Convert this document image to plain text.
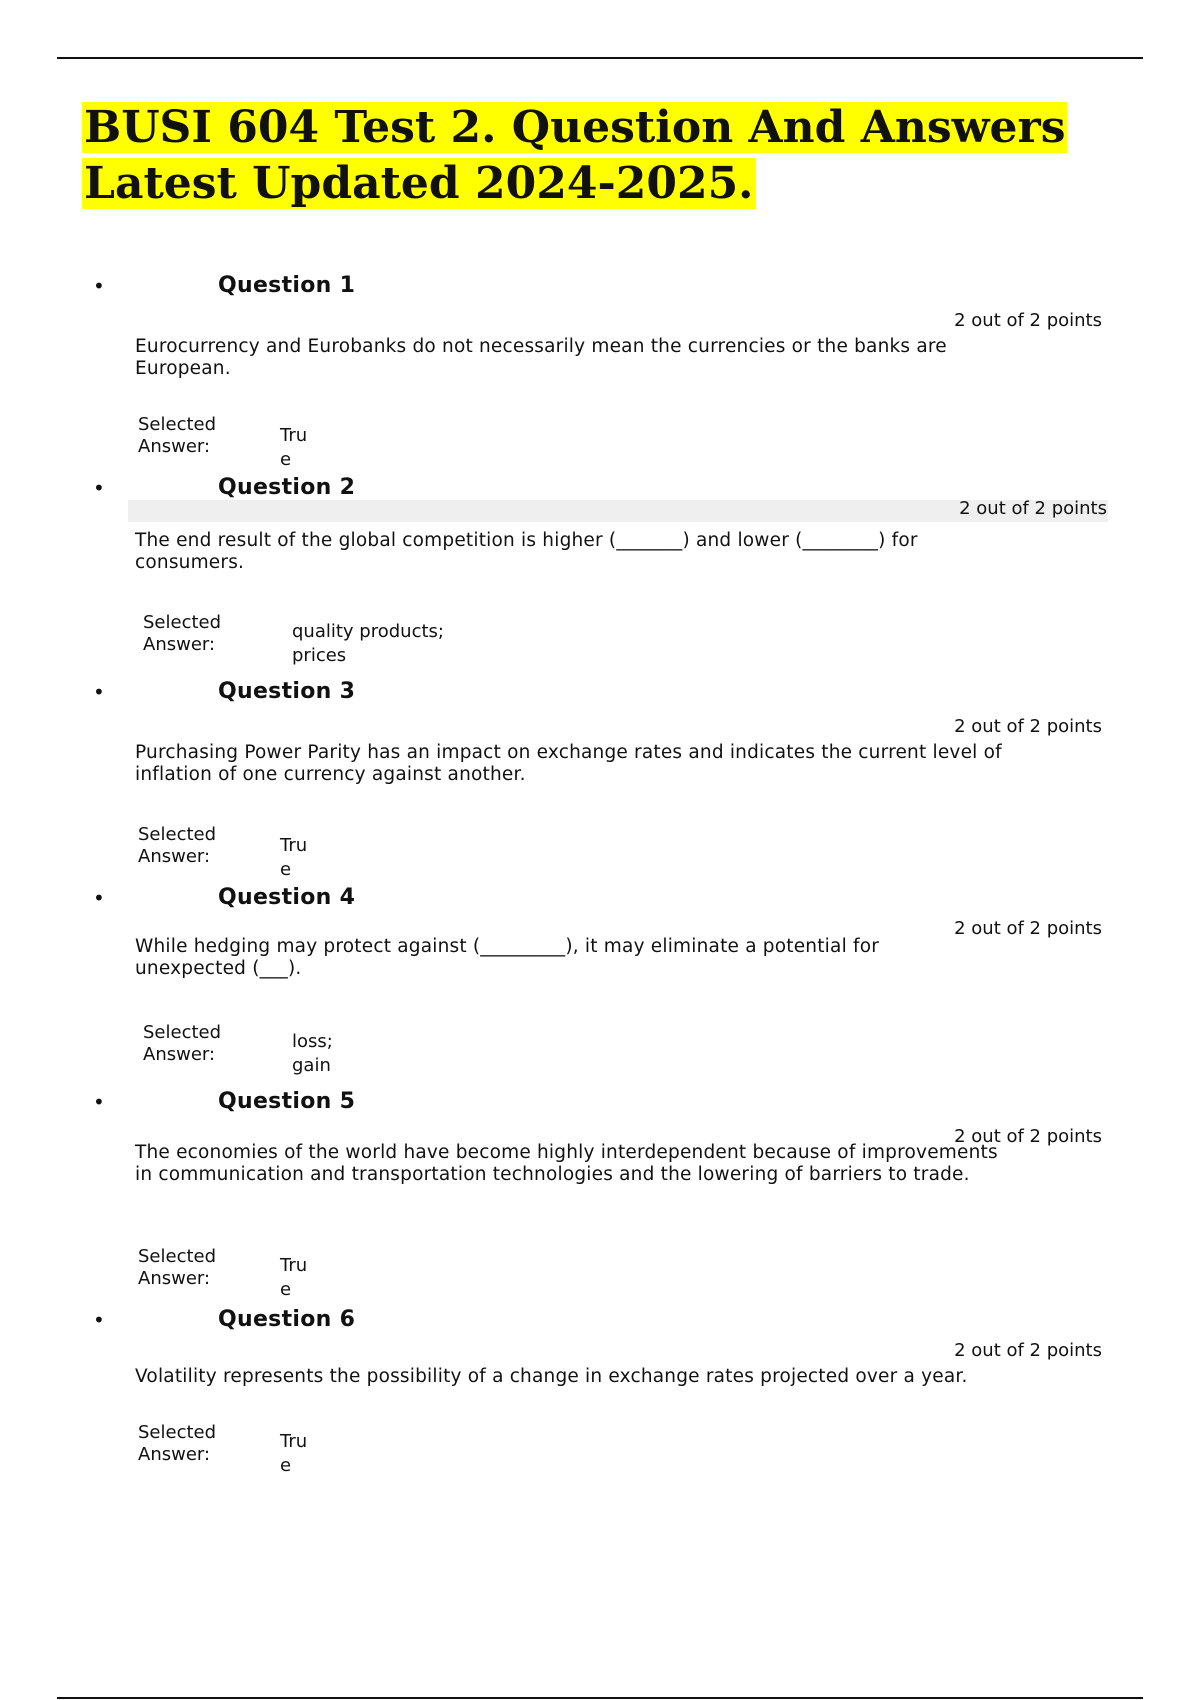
BUSI 604 Test 2. Question And Answers Latest Updated 2024-2025.
•	Question 1
2 out of 2 points
Eurocurrency and Eurobanks do not necessarily mean the currencies or the banks are European.
Selected Answer:
True
•	Question 2
2 out of 2 points
The end result of the global competition is higher (_______) and lower (________) for consumers.
Selected Answer:
quality products; prices
•	Question 3
2 out of 2 points
Purchasing Power Parity has an impact on exchange rates and indicates the current level of inflation of one currency against another.
Selected Answer:
True
•	Question 4
2 out of 2 points
While hedging may protect against (_________), it may eliminate a potential for unexpected (___).
Selected Answer:
loss; gain
•	Question 5
2 out of 2 points
The economies of the world have become highly interdependent because of improvements in communication and transportation technologies and the lowering of barriers to trade.
Selected Answer:
True
•	Question 6
2 out of 2 points
Volatility represents the possibility of a change in exchange rates projected over a year.
Selected Answer:
True
